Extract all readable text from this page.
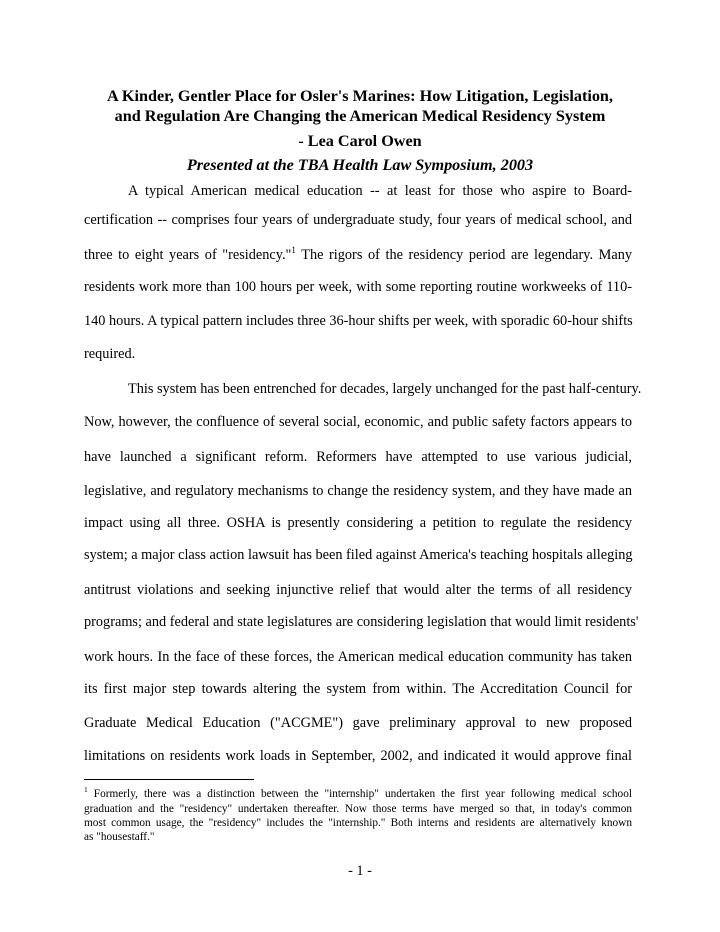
A Kinder, Gentler Place for Osler's Marines: How Litigation, Legislation,
and Regulation Are Changing the American Medical Residency System
- Lea Carol Owen
Presented at the TBA Health Law Symposium, 2003
A typical American medical education -- at least for those who aspire to Board-
certification -- comprises four years of undergraduate study, four years of medical school, and
three to eight years of "residency."$^1$ The rigors of the residency period are legendary. Many
residents work more than 100 hours per week, with some reporting routine workweeks of 110-
140 hours. A typical pattern includes three 36-hour shifts per week, with sporadic 60-hour shifts
required.
This system has been entrenched for decades, largely unchanged for the past half-century.
Now, however, the confluence of several social, economic, and public safety factors appears to
have launched a significant reform. Reformers have attempted to use various judicial,
legislative, and regulatory mechanisms to change the residency system, and they have made an
impact using all three. OSHA is presently considering a petition to regulate the residency
system; a major class action lawsuit has been filed against America's teaching hospitals alleging
antitrust violations and seeking injunctive relief that would alter the terms of all residency
programs; and federal and state legislatures are considering legislation that would limit residents'
work hours. In the face of these forces, the American medical education community has taken
its first major step towards altering the system from within. The Accreditation Council for
Graduate Medical Education ("ACGME") gave preliminary approval to new proposed
limitations on residents work loads in September, 2002, and indicated it would approve final
$^1$ Formerly, there was a distinction between the "internship" undertaken the first year following medical school
graduation and the "residency" undertaken thereafter. Now those terms have merged so that, in today's common
most common usage, the "residency" includes the "internship." Both interns and residents are alternatively known
as "housestaff."
- 1 -
